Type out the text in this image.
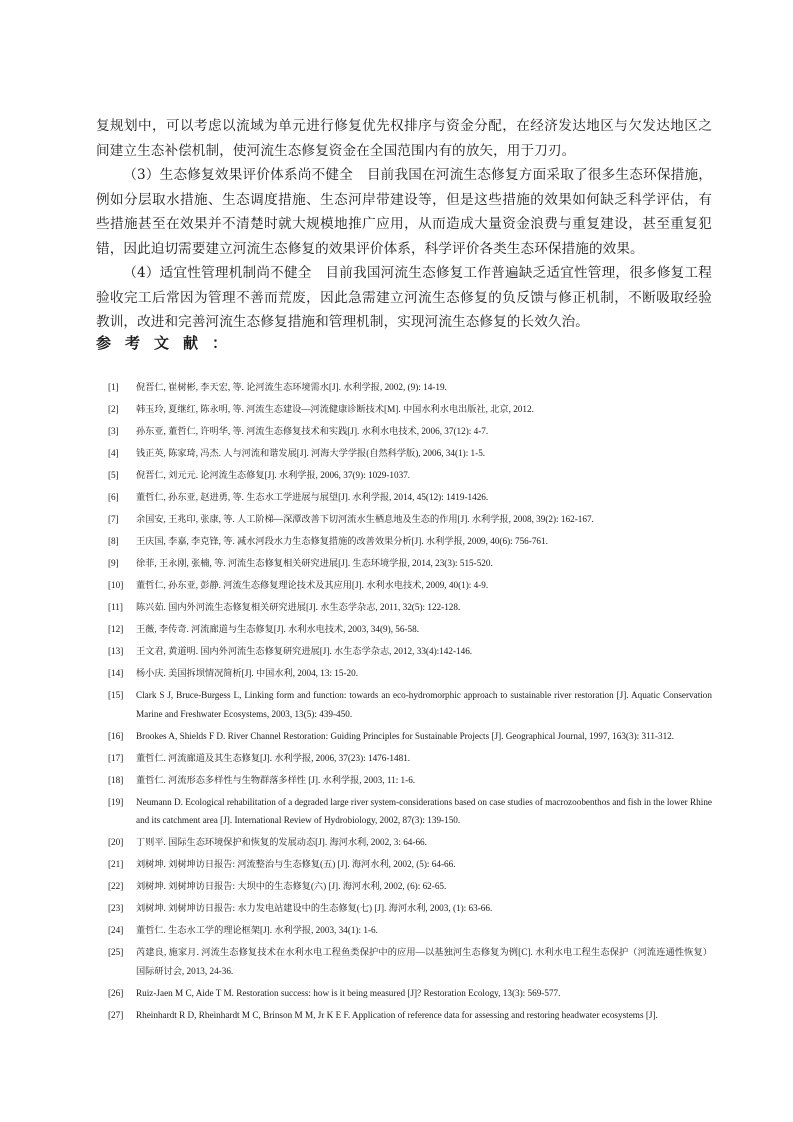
复规划中，可以考虑以流域为单元进行修复优先权排序与资金分配，在经济发达地区与欠发达地区之间建立生态补偿机制，使河流生态修复资金在全国范围内有的放矢，用于刀刃。

（3）生态修复效果评价体系尚不健全　目前我国在河流生态修复方面采取了很多生态环保措施，例如分层取水措施、生态调度措施、生态河岸带建设等，但是这些措施的效果如何缺乏科学评估，有些措施甚至在效果并不清楚时就大规模地推广应用，从而造成大量资金浪费与重复建设，甚至重复犯错，因此迫切需要建立河流生态修复的效果评价体系，科学评价各类生态环保措施的效果。

（4）适宜性管理机制尚不健全　目前我国河流生态修复工作普遍缺乏适宜性管理，很多修复工程验收完工后常因为管理不善而荒废，因此急需建立河流生态修复的负反馈与修正机制，不断吸取经验教训，改进和完善河流生态修复措施和管理机制，实现河流生态修复的长效久治。

参考文献：
[1] 倪晋仁, 崔树彬, 李天宏, 等. 论河流生态环境需水[J]. 水利学报, 2002, (9): 14-19.
[2] 韩玉玲, 夏继红, 陈永明, 等. 河流生态建设—河流健康诊断技术[M]. 中国水利水电出版社, 北京, 2012.
[3] 孙东亚, 董哲仁, 许明华, 等. 河流生态修复技术和实践[J]. 水利水电技术, 2006, 37(12): 4-7.
[4] 钱正英, 陈家琦, 冯杰. 人与河流和谐发展[J]. 河海大学学报(自然科学版), 2006, 34(1): 1-5.
[5] 倪晋仁, 刘元元. 论河流生态修复[J]. 水利学报, 2006, 37(9): 1029-1037.
[6] 董哲仁, 孙东亚, 赵进勇, 等. 生态水工学进展与展望[J]. 水利学报, 2014, 45(12): 1419-1426.
[7] 余国安, 王兆印, 张康, 等. 人工阶梯—深潭改善下切河流水生栖息地及生态的作用[J]. 水利学报, 2008, 39(2): 162-167.
[8] 王庆国, 李嘉, 李克锋, 等. 减水河段水力生态修复措施的改善效果分析[J]. 水利学报, 2009, 40(6): 756-761.
[9] 徐菲, 王永刚, 张楠, 等. 河流生态修复相关研究进展[J]. 生态环境学报, 2014, 23(3): 515-520.
[10] 董哲仁, 孙东亚, 彭静. 河流生态修复理论技术及其应用[J]. 水利水电技术, 2009, 40(1): 4-9.
[11] 陈兴茹. 国内外河流生态修复相关研究进展[J]. 水生态学杂志, 2011, 32(5): 122-128.
[12] 王薇, 李传奇. 河流廊道与生态修复[J]. 水利水电技术, 2003, 34(9), 56-58.
[13] 王文君, 黄道明. 国内外河流生态修复研究进展[J]. 水生态学杂志, 2012, 33(4):142-146.
[14] 杨小庆. 美国拆坝情况简析[J]. 中国水利, 2004, 13: 15-20.
[15] Clark S J, Bruce-Burgess L, Linking form and function: towards an eco-hydromorphic approach to sustainable river restoration [J]. Aquatic Conservation Marine and Freshwater Ecosystems, 2003, 13(5): 439-450.
[16] Brookes A, Shields F D. River Channel Restoration: Guiding Principles for Sustainable Projects [J]. Geographical Journal, 1997, 163(3): 311-312.
[17] 董哲仁. 河流廊道及其生态修复[J]. 水利学报, 2006, 37(23): 1476-1481.
[18] 董哲仁. 河流形态多样性与生物群落多样性 [J]. 水利学报, 2003, 11: 1-6.
[19] Neumann D. Ecological rehabilitation of a degraded large river system-considerations based on case studies of macrozoobenthos and fish in the lower Rhine and its catchment area [J]. International Review of Hydrobiology, 2002, 87(3): 139-150.
[20] 丁则平. 国际生态环境保护和恢复的发展动态[J]. 海河水利, 2002, 3: 64-66.
[21] 刘树坤. 刘树坤访日报告: 河流整治与生态修复(五) [J]. 海河水利, 2002, (5): 64-66.
[22] 刘树坤. 刘树坤访日报告: 大坝中的生态修复(六) [J]. 海河水利, 2002, (6): 62-65.
[23] 刘树坤. 刘树坤访日报告: 水力发电站建设中的生态修复(七) [J]. 海河水利, 2003, (1): 63-66.
[24] 董哲仁. 生态水工学的理论框架[J]. 水利学报, 2003, 34(1): 1-6.
[25] 芮建良, 施家月. 河流生态修复技术在水利水电工程鱼类保护中的应用—以基独河生态修复为例[C]. 水利水电工程生态保护（河流连通性恢复）国际研讨会, 2013, 24-36.
[26] Ruiz-Jaen M C, Aide T M. Restoration success: how is it being measured [J]? Restoration Ecology, 13(3): 569-577.
[27] Rheinhardt R D, Rheinhardt M C, Brinson M M, Jr K E F. Application of reference data for assessing and restoring headwater ecosystems [J].
